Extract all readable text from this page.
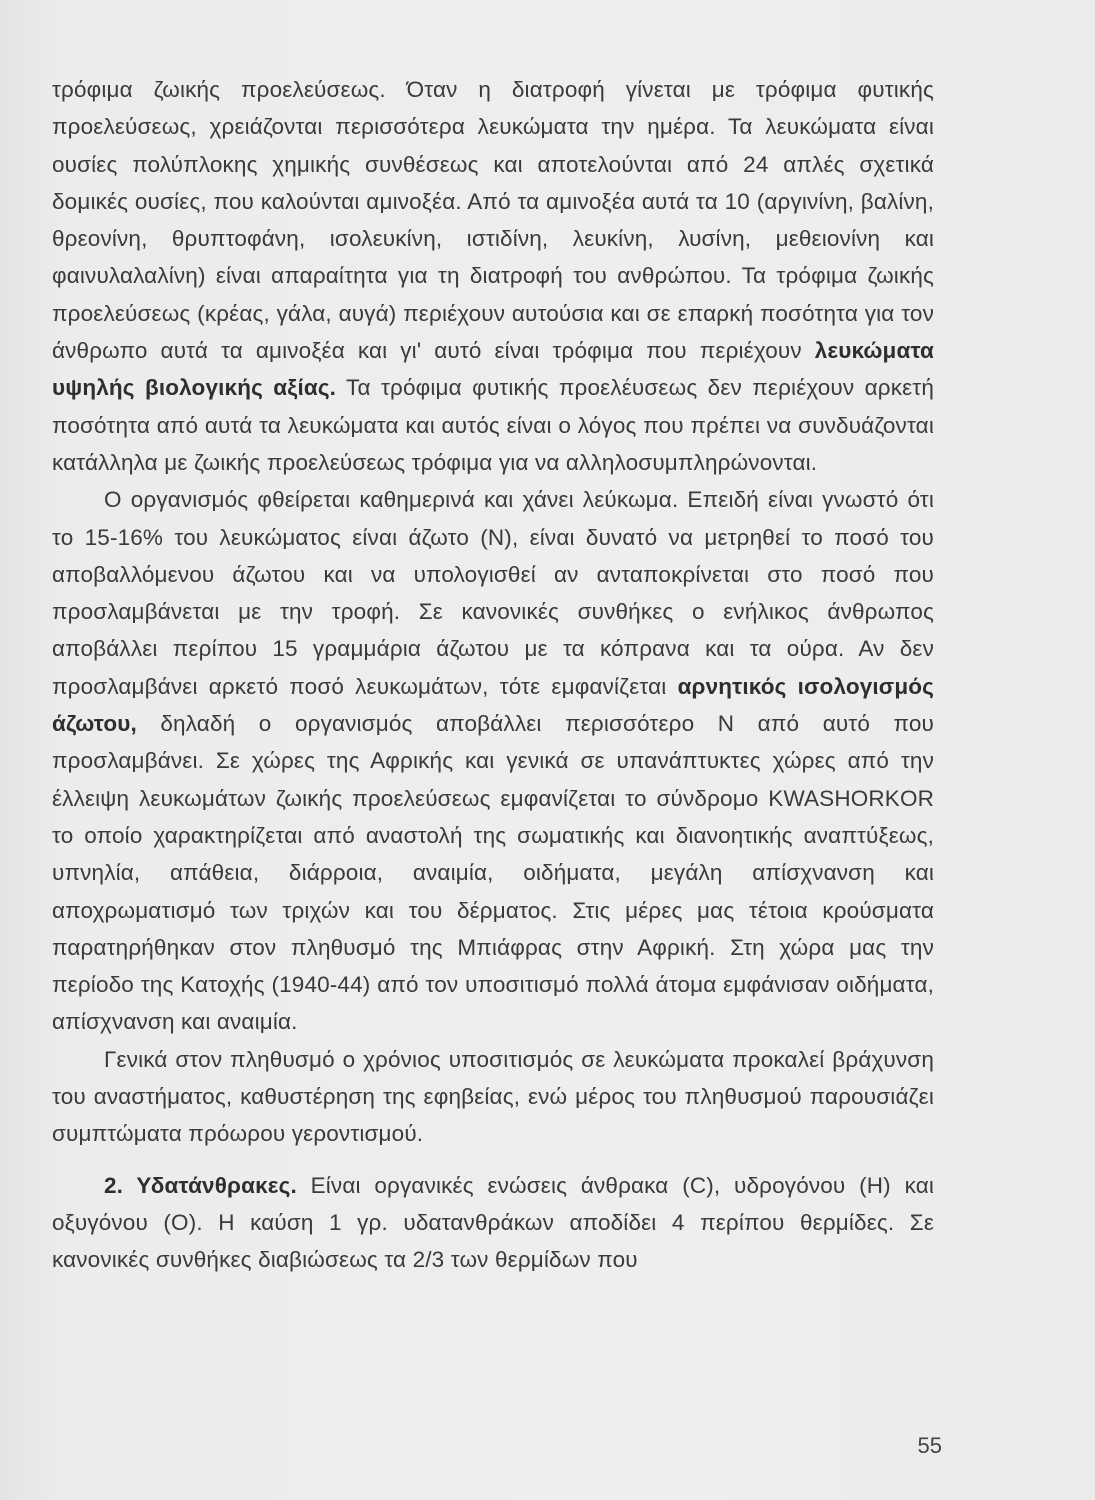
τρόφιμα ζωικής προελεύσεως. Όταν η διατροφή γίνεται με τρόφιμα φυτικής προελεύσεως, χρειάζονται περισσότερα λευκώματα την ημέρα. Τα λευκώματα είναι ουσίες πολύπλοκης χημικής συνθέσεως και αποτελούνται από 24 απλές σχετικά δομικές ουσίες, που καλούνται αμινοξέα. Από τα αμινοξέα αυτά τα 10 (αργινίνη, βαλίνη, θρεονίνη, θρυπτοφάνη, ισολευκίνη, ιστιδίνη, λευκίνη, λυσίνη, μεθειονίνη και φαινυλαλαλίνη) είναι απαραίτητα για τη διατροφή του ανθρώπου. Τα τρόφιμα ζωικής προελεύσεως (κρέας, γάλα, αυγά) περιέχουν αυτούσια και σε επαρκή ποσότητα για τον άνθρωπο αυτά τα αμινοξέα και γι' αυτό είναι τρόφιμα που περιέχουν λευκώματα υψηλής βιολογικής αξίας. Τα τρόφιμα φυτικής προελέυσεως δεν περιέχουν αρκετή ποσότητα από αυτά τα λευκώματα και αυτός είναι ο λόγος που πρέπει να συνδυάζονται κατάλληλα με ζωικής προελεύσεως τρόφιμα για να αλληλοσυμπληρώνονται.

Ο οργανισμός φθείρεται καθημερινά και χάνει λεύκωμα. Επειδή είναι γνωστό ότι το 15-16% του λευκώματος είναι άζωτο (Ν), είναι δυνατό να μετρηθεί το ποσό του αποβαλλόμενου άζωτου και να υπολογισθεί αν ανταποκρίνεται στο ποσό που προσλαμβάνεται με την τροφή. Σε κανονικές συνθήκες ο ενήλικος άνθρωπος αποβάλλει περίπου 15 γραμμάρια άζωτου με τα κόπρανα και τα ούρα. Αν δεν προσλαμβάνει αρκετό ποσό λευκωμάτων, τότε εμφανίζεται αρνητικός ισολογισμός άζωτου, δηλαδή ο οργανισμός αποβάλλει περισσότερο Ν από αυτό που προσλαμβάνει. Σε χώρες της Αφρικής και γενικά σε υπανάπτυκτες χώρες από την έλλειψη λευκωμάτων ζωικής προελεύσεως εμφανίζεται το σύνδρομο KWASHORKOR το οποίο χαρακτηρίζεται από αναστολή της σωματικής και διανοητικής αναπτύξεως, υπνηλία, απάθεια, διάρροια, αναιμία, οιδήματα, μεγάλη απίσχνανση και αποχρωματισμό των τριχών και του δέρματος. Στις μέρες μας τέτοια κρούσματα παρατηρήθηκαν στον πληθυσμό της Μπιάφρας στην Αφρική. Στη χώρα μας την περίοδο της Κατοχής (1940-44) από τον υποσιτισμό πολλά άτομα εμφάνισαν οιδήματα, απίσχνανση και αναιμία.

Γενικά στον πληθυσμό ο χρόνιος υποσιτισμός σε λευκώματα προκαλεί βράχυνση του αναστήματος, καθυστέρηση της εφηβείας, ενώ μέρος του πληθυσμού παρουσιάζει συμπτώματα πρόωρου γεροντισμού.

2. Υδατάνθρακες. Είναι οργανικές ενώσεις άνθρακα (C), υδρογόνου (Η) και οξυγόνου (Ο). Η καύση 1 γρ. υδατανθράκων αποδίδει 4 περίπου θερμίδες. Σε κανονικές συνθήκες διαβιώσεως τα 2/3 των θερμίδων που

55
